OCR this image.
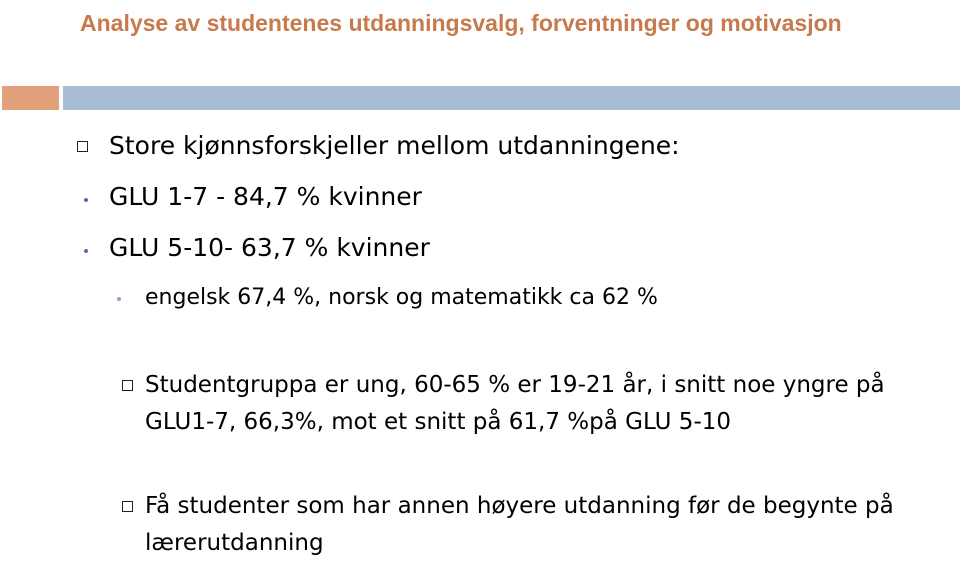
Analyse av studentenes utdanningsvalg, forventninger og motivasjon
Store kjønnsforskjeller mellom utdanningene:
GLU 1-7 - 84,7 % kvinner
GLU 5-10- 63,7 % kvinner
engelsk 67,4 %, norsk og matematikk ca 62 %
Studentgruppa er ung, 60-65 % er 19-21 år, i snitt noe yngre på GLU1-7, 66,3%, mot et snitt på 61,7 %på GLU 5-10
Få studenter som har annen høyere utdanning før de begynte på lærerutdanning
